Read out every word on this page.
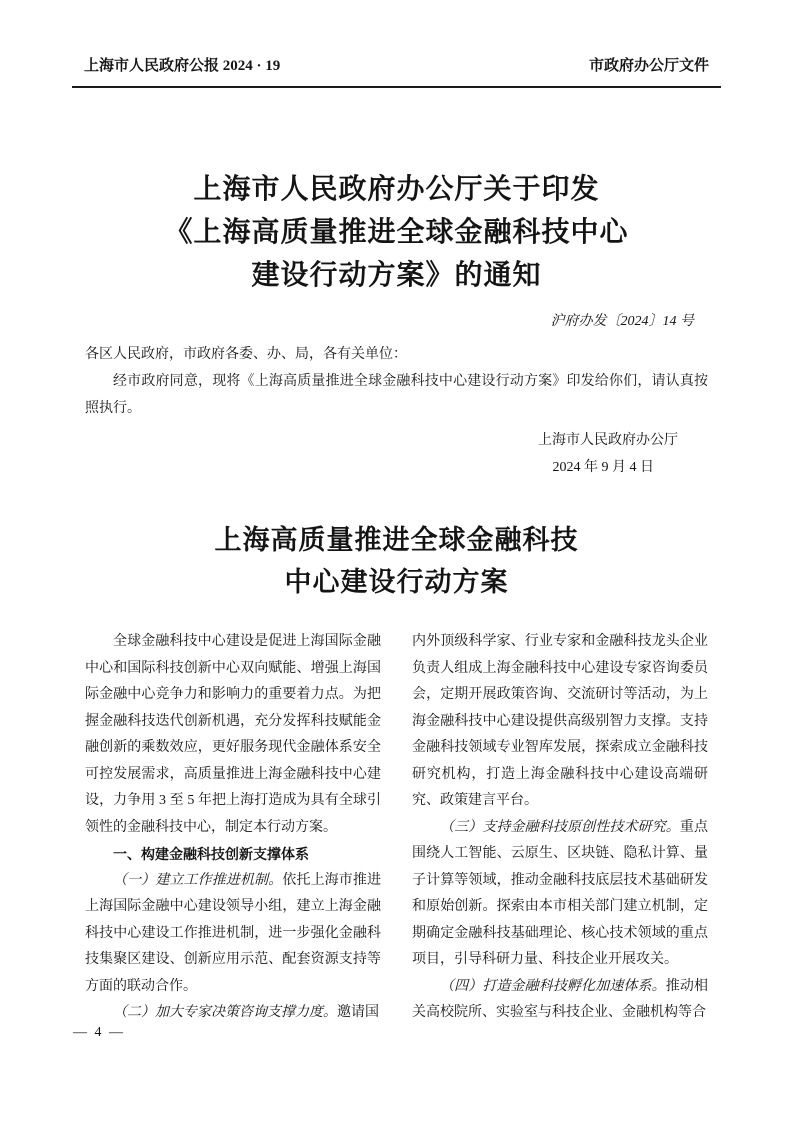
上海市人民政府公报 2024 · 19	市政府办公厅文件
上海市人民政府办公厅关于印发
《上海高质量推进全球金融科技中心
建设行动方案》的通知
沪府办发〔2024〕14 号
各区人民政府，市政府各委、办、局，各有关单位：

经市政府同意，现将《上海高质量推进全球金融科技中心建设行动方案》印发给你们，请认真按照执行。

上海市人民政府办公厅
2024 年 9 月 4 日
上海高质量推进全球金融科技
中心建设行动方案

全球金融科技中心建设是促进上海国际金融中心和国际科技创新中心双向赋能、增强上海国际金融中心竞争力和影响力的重要着力点。为把握金融科技迭代创新机遇，充分发挥科技赋能金融创新的乘数效应，更好服务现代金融体系安全可控发展需求，高质量推进上海金融科技中心建设，力争用 3 至 5 年把上海打造成为具有全球引领性的金融科技中心，制定本行动方案。

一、构建金融科技创新支撑体系

（一）建立工作推进机制。依托上海市推进上海国际金融中心建设领导小组，建立上海金融科技中心建设工作推进机制，进一步强化金融科技集聚区建设、创新应用示范、配套资源支持等方面的联动合作。

（二）加大专家决策咨询支撑力度。邀请国

内外顶级科学家、行业专家和金融科技龙头企业负责人组成上海金融科技中心建设专家咨询委员会，定期开展政策咨询、交流研讨等活动，为上海金融科技中心建设提供高级别智力支撑。支持金融科技领域专业智库发展，探索成立金融科技研究机构，打造上海金融科技中心建设高端研究、政策建言平台。

（三）支持金融科技原创性技术研究。重点围绕人工智能、云原生、区块链、隐私计算、量子计算等领域，推动金融科技底层技术基础研发和原始创新。探索由本市相关部门建立机制，定期确定金融科技基础理论、核心技术领域的重点项目，引导科研力量、科技企业开展攻关。

（四）打造金融科技孵化加速体系。推动相关高校院所、实验室与科技企业、金融机构等合

— 4 —
